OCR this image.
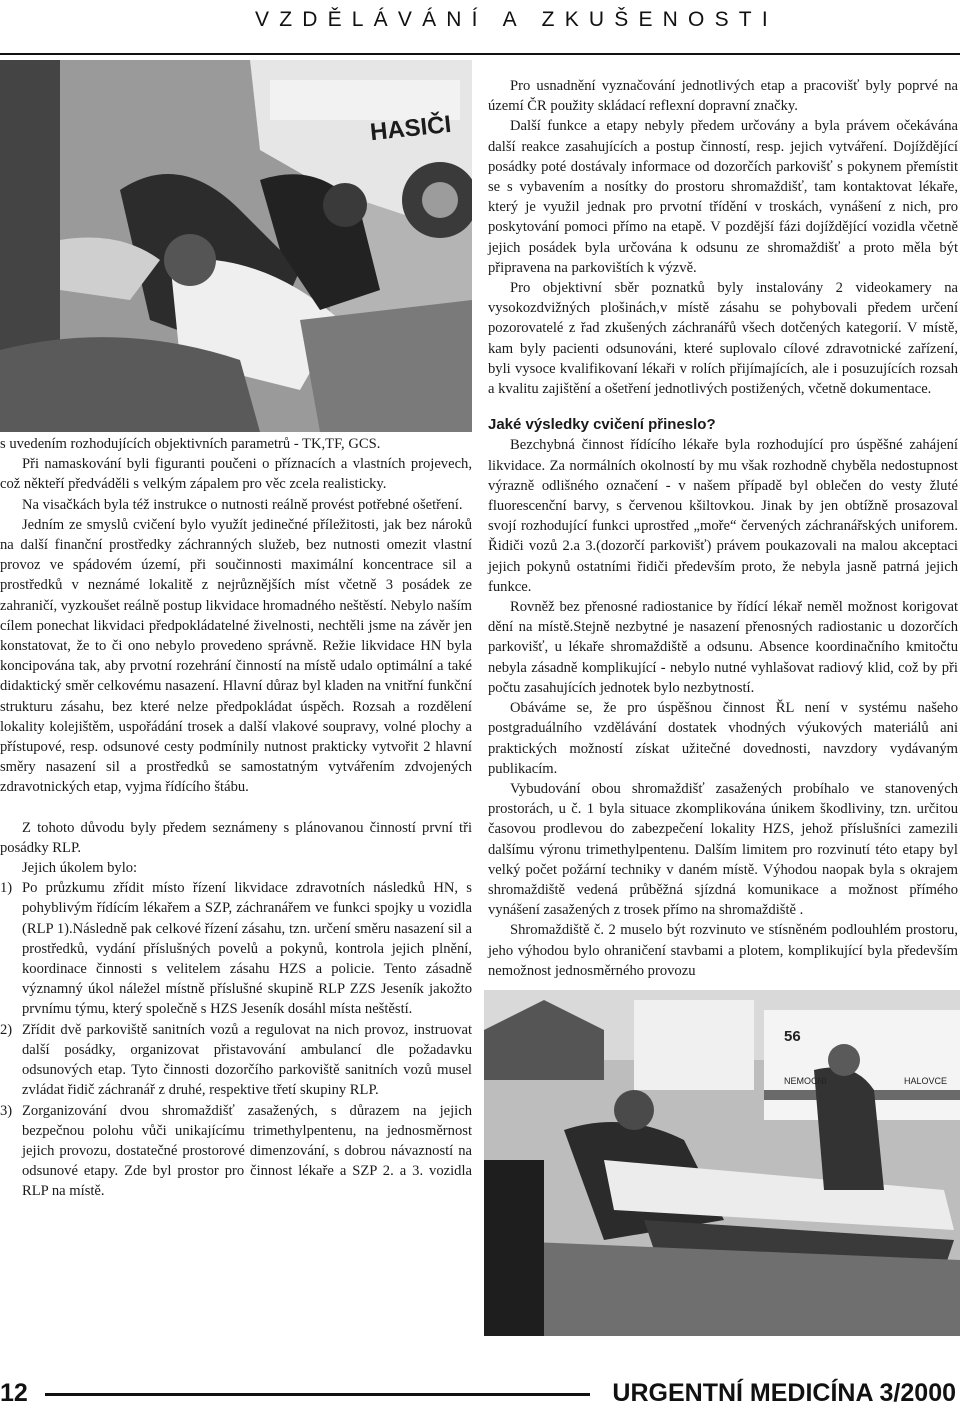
VZDĚLÁVÁNÍ A ZKUŠENOSTI
HASIČI

s uvedením rozhodujících objektivních parametrů - TK,TF, GCS.

Při namaskování byli figuranti poučeni o příznacích a vlastních projevech, což někteří předváděli s velkým zápalem pro věc zcela realisticky.

Na visačkách byla též instrukce o nutnosti reálně provést potřebné ošetření.

Jedním ze smyslů cvičení bylo využít jedinečné příležitosti, jak bez nároků na další finanční prostředky záchranných služeb, bez nutnosti omezit vlastní provoz ve spádovém území, při součinnosti maximální koncentrace sil a prostředků v neznámé lokalitě z nejrůznějších míst včetně 3 posádek ze zahraničí, vyzkoušet reálně postup likvidace hromadného neštěstí. Nebylo naším cílem ponechat likvidaci předpokládatelné živelnosti, nechtěli jsme na závěr jen konstatovat, že to či ono nebylo provedeno správně. Režie likvidace HN byla koncipována tak, aby prvotní rozehrání činností na místě udalo optimální a také didaktický směr celkovému nasazení. Hlavní důraz byl kladen na vnitřní funkční strukturu zásahu, bez které nelze předpokládat úspěch. Rozsah a rozdělení lokality kolejištěm, uspořádání trosek a další vlakové soupravy, volné plochy a přístupové, resp. odsunové cesty podmínily nutnost prakticky vytvořit 2 hlavní směry nasazení sil a prostředků se samostatným vytvářením zdvojených zdravotnických etap, vyjma řídícího štábu.

Z tohoto důvodu byly předem seznámeny s plánovanou činností první tři posádky RLP.

Jejich úkolem bylo:

1) Po průzkumu zřídit místo řízení likvidace zdravotních následků HN, s pohyblivým řídícím lékařem a SZP, záchranářem ve funkci spojky u vozidla (RLP 1).Následně pak celkové řízení zásahu, tzn. určení směru nasazení sil a prostředků, vydání příslušných povelů a pokynů, kontrola jejich plnění, koordinace činnosti s velitelem zásahu HZS a policie. Tento zásadně významný úkol náležel místně příslušné skupině RLP ZZS Jeseník jakožto prvnímu týmu, který společně s HZS Jeseník dosáhl místa neštěstí.
2) Zřídit dvě parkoviště sanitních vozů a regulovat na nich provoz, instruovat další posádky, organizovat přistavování ambulancí dle požadavku odsunových etap. Tyto činnosti dozorčího parkoviště sanitních vozů musel zvládat řidič záchranář z druhé, respektive třetí skupiny RLP.
3) Zorganizování dvou shromaždišť zasažených, s důrazem na jejich bezpečnou polohu vůči unikajícímu trimethylpentenu, na jednosměrnost jejich provozu, dostatečné prostorové dimenzování, s dobrou návazností na odsunové etapy. Zde byl prostor pro činnost lékaře a SZP 2. a 3. vozidla RLP na místě.

Pro usnadnění vyznačování jednotlivých etap a pracovišť byly poprvé na území ČR použity skládací reflexní dopravní značky.

Další funkce a etapy nebyly předem určovány a byla právem očekávána další reakce zasahujících a postup činností, resp. jejich vytváření. Dojíždějící posádky poté dostávaly informace od dozorčích parkovišť s pokynem přemístit se s vybavením a nosítky do prostoru shromaždišť, tam kontaktovat lékaře, který je využil jednak pro prvotní třídění v troskách, vynášení z nich, pro poskytování pomoci přímo na etapě. V pozdější fázi dojíždějící vozidla včetně jejich posádek byla určována k odsunu ze shromaždišť a proto měla být připravena na parkovištích k výzvě.

Pro objektivní sběr poznatků byly instalovány 2 videokamery na vysokozdvižných plošinách,v místě zásahu se pohybovali předem určení pozorovatelé z řad zkušených záchranářů všech dotčených kategorií. V místě, kam byly pacienti odsunováni, které suplovalo cílové zdravotnické zařízení, byli vysoce kvalifikovaní lékaři v rolích přijímajících, ale i posuzujících rozsah a kvalitu zajištění a ošetření jednotlivých postižených, včetně dokumentace.

Jaké výsledky cvičení přineslo?

Bezchybná činnost řídícího lékaře byla rozhodující pro úspěšné zahájení likvidace. Za normálních okolností by mu však rozhodně chyběla nedostupnost výrazně odlišného označení - v našem případě byl oblečen do vesty žluté fluorescenční barvy, s červenou kšiltovkou. Jinak by jen obtížně prosazoval svojí rozhodující funkci uprostřed „moře“ červených záchranářských uniforem. Řidiči vozů 2.a 3.(dozorčí parkovišť) právem poukazovali na malou akceptaci jejich pokynů ostatními řidiči především proto, že nebyla jasně patrná jejich funkce.

Rovněž bez přenosné radiostanice by řídící lékař neměl možnost korigovat dění na místě.Stejně nezbytné je nasazení přenosných radiostanic u dozorčích parkovišť, u lékaře shromaždiště a odsunu. Absence koordinačního kmitočtu nebyla zásadně komplikující - nebylo nutné vyhlašovat radiový klid, což by při počtu zasahujících jednotek bylo nezbytností.

Obáváme se, že pro úspěšnou činnost ŘL není v systému našeho postgraduálního vzdělávání dostatek vhodných výukových materiálů ani praktických možností získat užitečné dovednosti, navzdory vydávaným publikacím.

Vybudování obou shromaždišť zasažených probíhalo ve stanovených prostorách, u č. 1 byla situace zkomplikována únikem škodliviny, tzn. určitou časovou prodlevou do zabezpečení lokality HZS, jehož příslušníci zamezili dalšímu výronu trimethylpentenu. Dalším limitem pro rozvinutí této etapy byl velký počet požární techniky v daném místě. Výhodou naopak byla s okrajem shromaždiště vedená průběžná sjízdná komunikace a možnost přímého vynášení zasažených z trosek přímo na shromaždiště .

Shromaždiště č. 2 muselo být rozvinuto ve stísněném podlouhlém prostoru, jeho výhodou bylo ohraničení stavbami a plotem, komplikující byla především nemožnost jednosměrného provozu

56
NEMOCNI	HALOVCE
12	URGENTNÍ MEDICÍNA 3/2000
